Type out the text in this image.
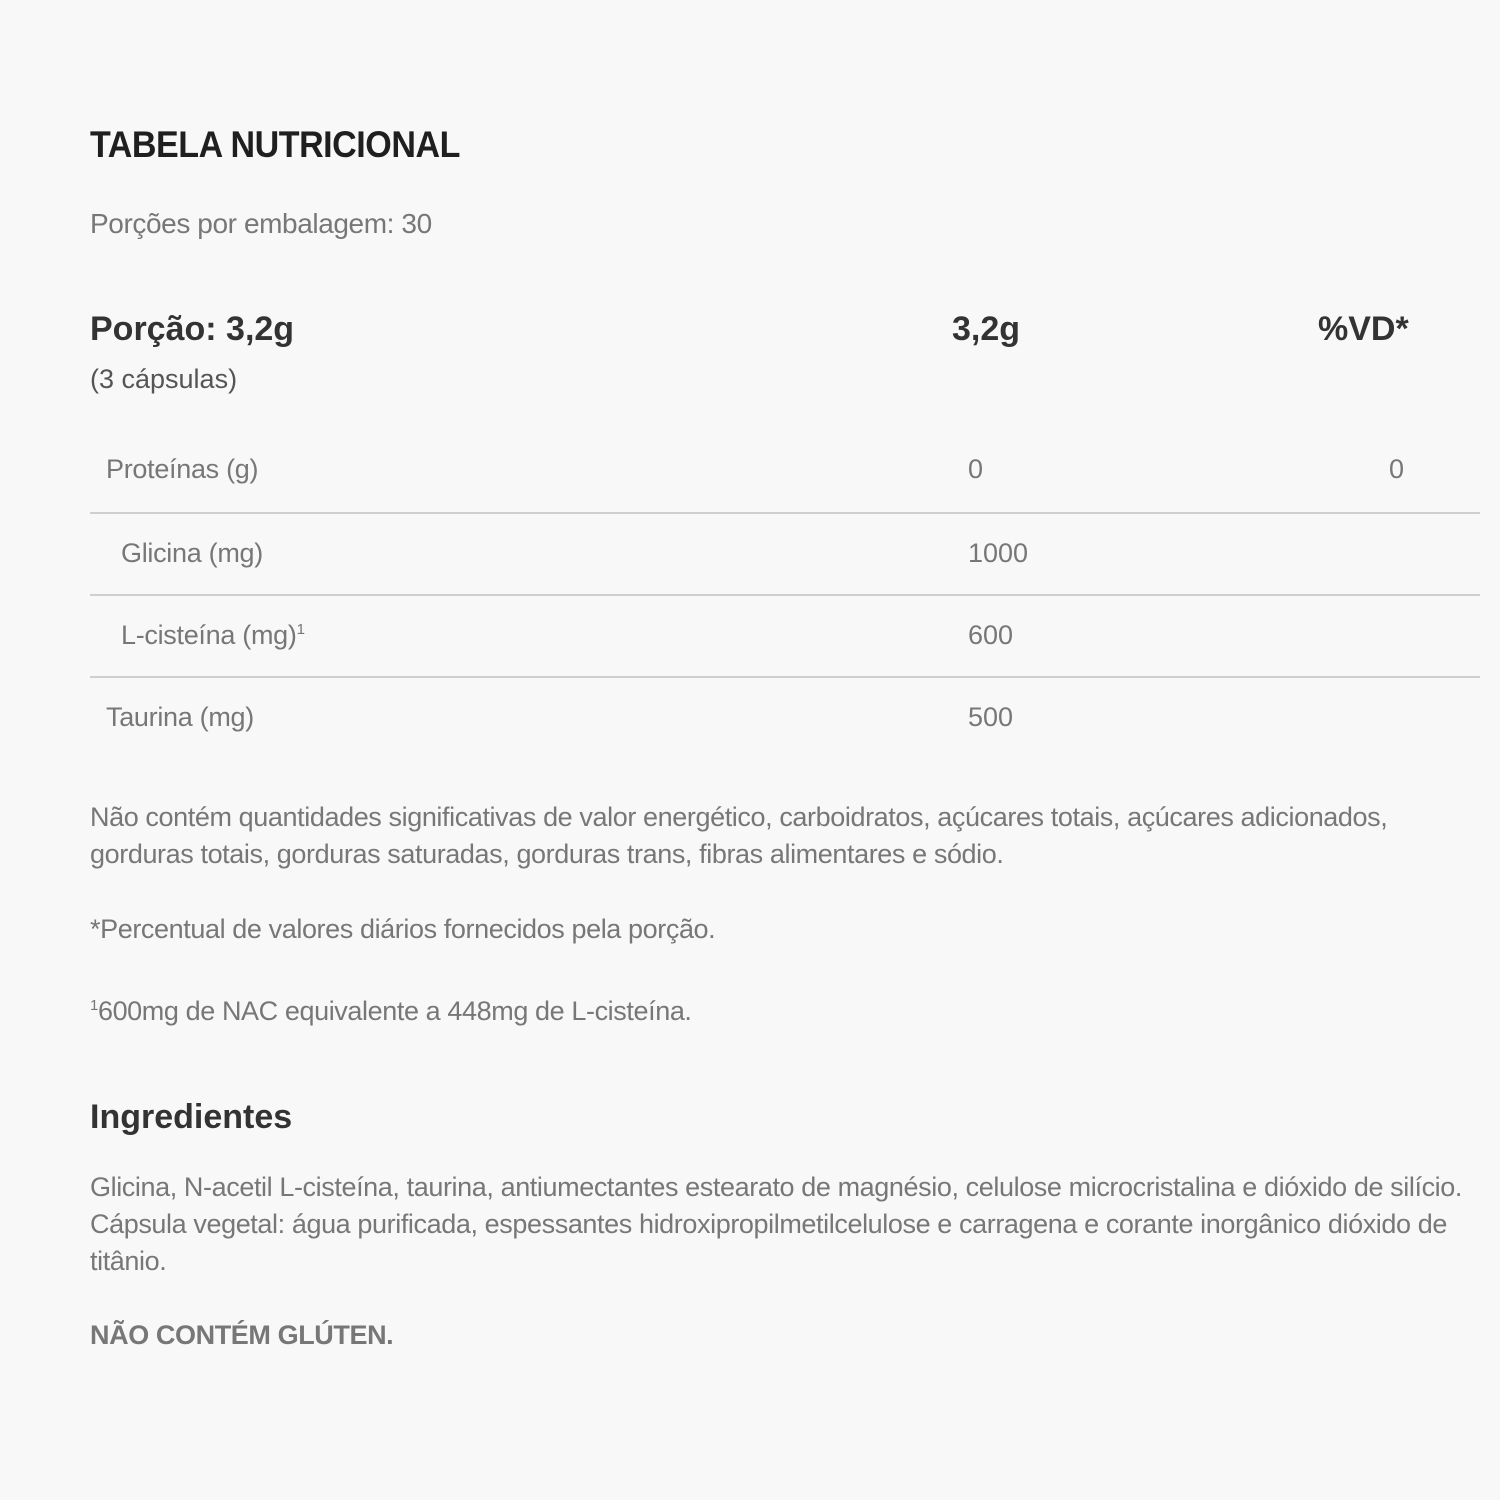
TABELA NUTRICIONAL
Porções por embalagem: 30
Porção: 3,2g
(3 cápsulas)
3,2g	%VD*
Proteínas (g)	0	0
Glicina (mg)	1000
L-cisteína (mg)$^1$	600
Taurina (mg)	500
Não contém quantidades significativas de valor energético, carboidratos, açúcares totais, açúcares adicionados, gorduras totais, gorduras saturadas, gorduras trans, fibras alimentares e sódio.
*Percentual de valores diários fornecidos pela porção.
$^1$600mg de NAC equivalente a 448mg de L-cisteína.
Ingredientes
Glicina, N-acetil L-cisteína, taurina, antiumectantes estearato de magnésio, celulose microcristalina e dióxido de silício. Cápsula vegetal: água purificada, espessantes hidroxipropilmetilcelulose e carragena e corante inorgânico dióxido de titânio.
NÃO CONTÉM GLÚTEN.
